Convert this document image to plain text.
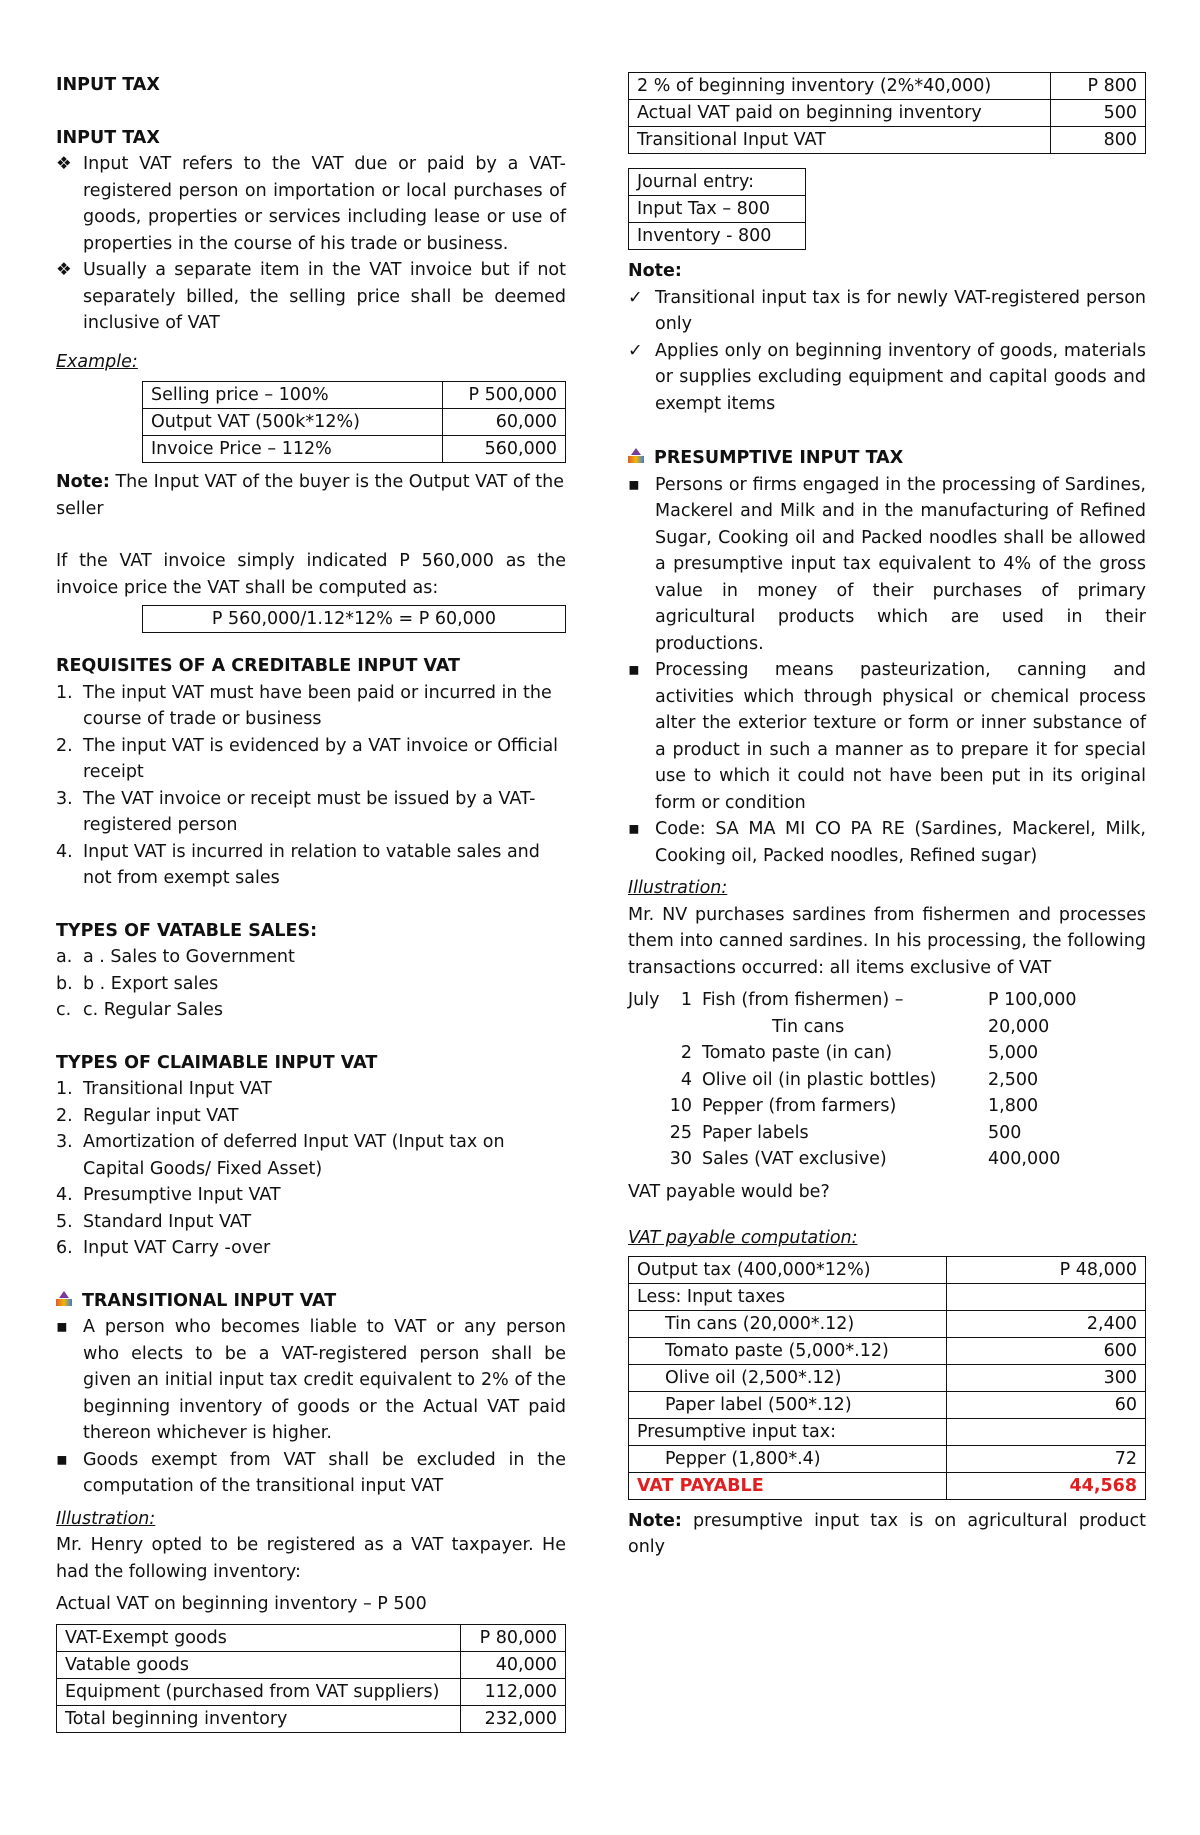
INPUT TAX

INPUT TAX

❖ Input VAT refers to the VAT due or paid by a VAT-registered person on importation or local purchases of goods, properties or services including lease or use of properties in the course of his trade or business.
❖ Usually a separate item in the VAT invoice but if not separately billed, the selling price shall be deemed inclusive of VAT

Example:

Selling price – 100%	P 500,000
Output VAT (500k*12%)	60,000
Invoice Price – 112%	560,000

Note: The Input VAT of the buyer is the Output VAT of the seller

If the VAT invoice simply indicated P 560,000 as the invoice price the VAT shall be computed as:

P 560,000/1.12*12% = P 60,000

REQUISITES OF A CREDITABLE INPUT VAT

1. The input VAT must have been paid or incurred in the course of trade or business
2. The input VAT is evidenced by a VAT invoice or Official receipt
3. The VAT invoice or receipt must be issued by a VAT-registered person
4. Input VAT is incurred in relation to vatable sales and not from exempt sales

TYPES OF VATABLE SALES:

a. a . Sales to Government
b. b . Export sales
c. c. Regular Sales

TYPES OF CLAIMABLE INPUT VAT

1. Transitional Input VAT
2. Regular input VAT
3. Amortization of deferred Input VAT (Input tax on Capital Goods/ Fixed Asset)
4. Presumptive Input VAT
5. Standard Input VAT
6. Input VAT Carry -over

TRANSITIONAL INPUT VAT

▪ A person who becomes liable to VAT or any person who elects to be a VAT-registered person shall be given an initial input tax credit equivalent to 2% of the beginning inventory of goods or the Actual VAT paid thereon whichever is higher.
▪ Goods exempt from VAT shall be excluded in the computation of the transitional input VAT

Illustration:

Mr. Henry opted to be registered as a VAT taxpayer. He had the following inventory:

Actual VAT on beginning inventory – P 500

VAT-Exempt goods	P 80,000
Vatable goods	40,000
Equipment (purchased from VAT suppliers)	112,000
Total beginning inventory	232,000
2 % of beginning inventory (2%*40,000)	P 800
Actual VAT paid on beginning inventory	500
Transitional Input VAT	800
Journal entry:
Input Tax – 800
Inventory - 800

Note:

✓ Transitional input tax is for newly VAT-registered person only
✓ Applies only on beginning inventory of goods, materials or supplies excluding equipment and capital goods and exempt items

PRESUMPTIVE INPUT TAX

▪ Persons or firms engaged in the processing of Sardines, Mackerel and Milk and in the manufacturing of Refined Sugar, Cooking oil and Packed noodles shall be allowed a presumptive input tax equivalent to 4% of the gross value in money of their purchases of primary agricultural products which are used in their productions.
▪ Processing means pasteurization, canning and activities which through physical or chemical process alter the exterior texture or form or inner substance of a product in such a manner as to prepare it for special use to which it could not have been put in its original form or condition
▪ Code: SA MA MI CO PA RE (Sardines, Mackerel, Milk, Cooking oil, Packed noodles, Refined sugar)

Illustration:

Mr. NV purchases sardines from fishermen and processes them into canned sardines. In his processing, the following transactions occurred: all items exclusive of VAT

July	1	Fish (from fishermen) –	P 100,000
		Tin cans	20,000
	2	Tomato paste (in can)	5,000
	4	Olive oil (in plastic bottles)	2,500
	10	Pepper (from farmers)	1,800
	25	Paper labels	500
	30	Sales (VAT exclusive)	400,000

VAT payable would be?

VAT payable computation:

Output tax (400,000*12%)	P 48,000
Less: Input taxes	
Tin cans (20,000*.12)	2,400
Tomato paste (5,000*.12)	600
Olive oil (2,500*.12)	300
Paper label (500*.12)	60
Presumptive input tax:	
Pepper (1,800*.4)	72
VAT PAYABLE	44,568

Note: presumptive input tax is on agricultural product only
